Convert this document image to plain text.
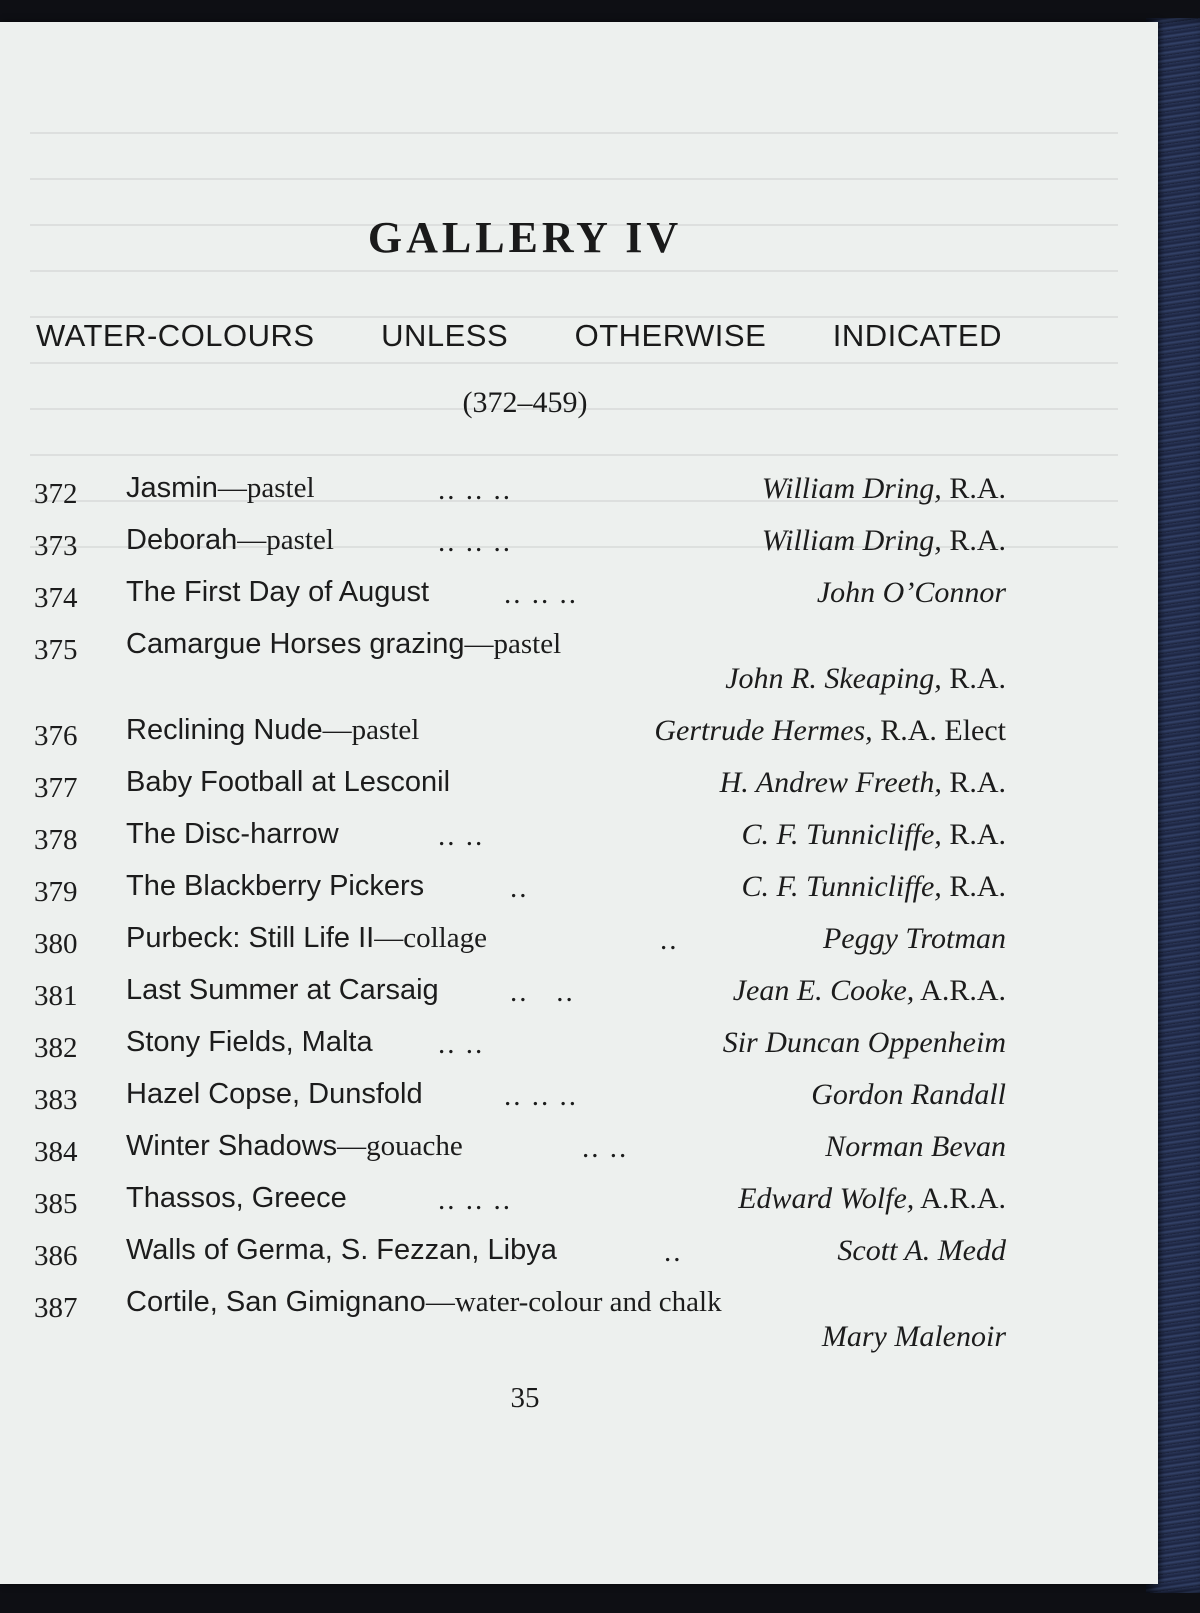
GALLERY IV
WATER-COLOURS UNLESS OTHERWISE INDICATED
(372–459)
372 Jasmin—pastel	.. .. ..	William Dring, R.A.
373 Deborah—pastel	.. .. ..	William Dring, R.A.
374 The First Day of August	.. .. ..	John O’Connor
375 Camargue Horses grazing—pastel
John R. Skeaping, R.A.
376 Reclining Nude—pastel	Gertrude Hermes, R.A. Elect
377 Baby Football at Lesconil	H. Andrew Freeth, R.A.
378 The Disc-harrow	.. ..	C. F. Tunnicliffe, R.A.
379 The Blackberry Pickers	..	C. F. Tunnicliffe, R.A.
380 Purbeck: Still Life II—collage	..	Peggy Trotman
381 Last Summer at Carsaig ..   ..	Jean E. Cooke, A.R.A.
382 Stony Fields, Malta .. ..	Sir Duncan Oppenheim
383 Hazel Copse, Dunsfold	.. .. ..	Gordon Randall
384 Winter Shadows—gouache	.. ..	Norman Bevan
385 Thassos, Greece	.. .. ..	Edward Wolfe, A.R.A.
386 Walls of Germa, S. Fezzan, Libya	..	Scott A. Medd
387 Cortile, San Gimignano—water-colour and chalk
Mary Malenoir
35
